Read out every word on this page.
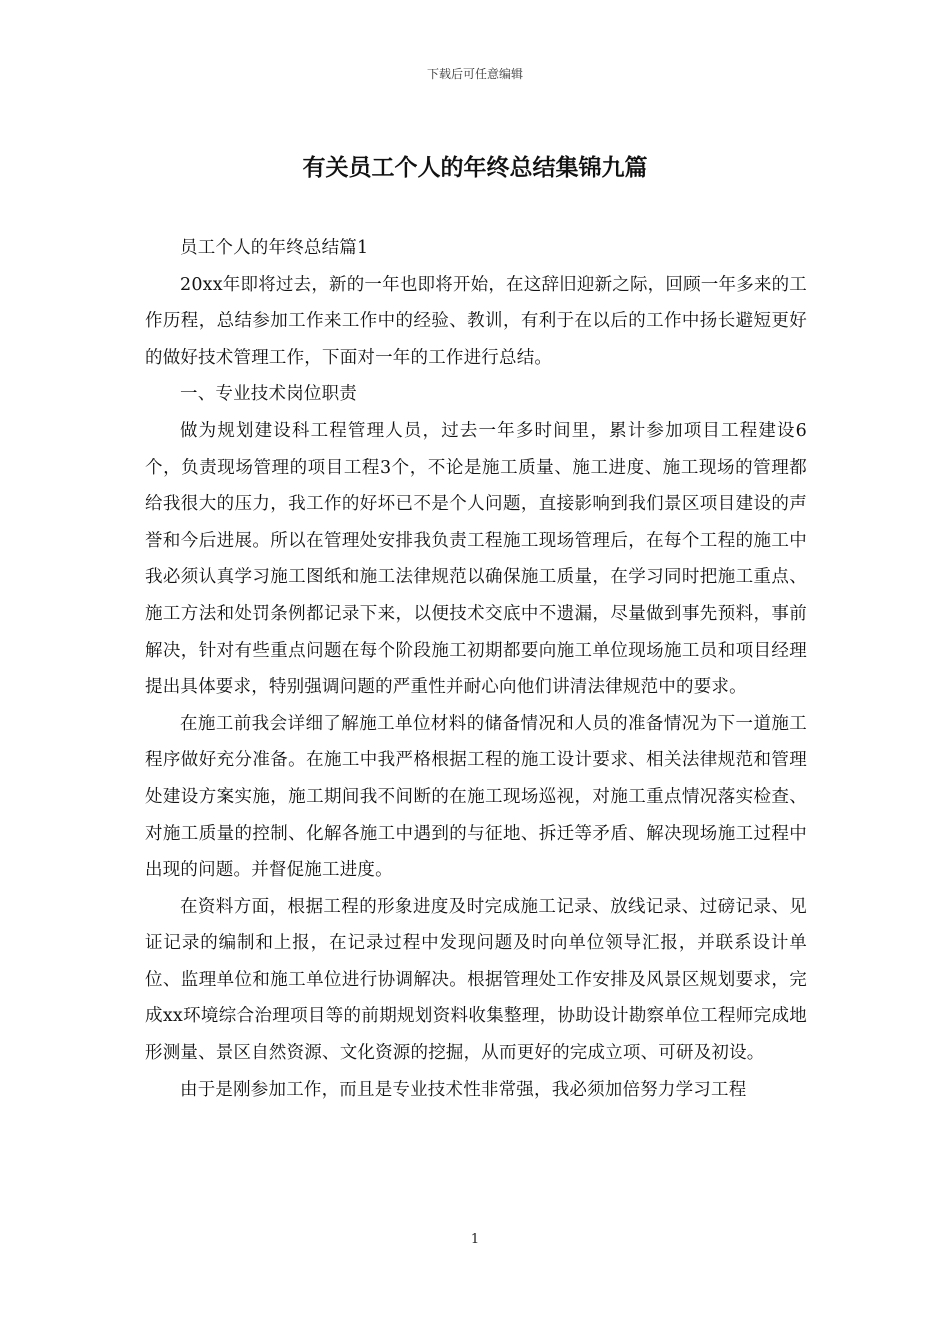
下载后可任意编辑
有关员工个人的年终总结集锦九篇

员工个人的年终总结篇1

20xx年即将过去，新的一年也即将开始，在这辞旧迎新之际，回顾一年多来的工作历程，总结参加工作来工作中的经验、教训，有利于在以后的工作中扬长避短更好的做好技术管理工作，下面对一年的工作进行总结。

一、专业技术岗位职责

做为规划建设科工程管理人员，过去一年多时间里，累计参加项目工程建设6个，负责现场管理的项目工程3个，不论是施工质量、施工进度、施工现场的管理都给我很大的压力，我工作的好坏已不是个人问题，直接影响到我们景区项目建设的声誉和今后进展。所以在管理处安排我负责工程施工现场管理后，在每个工程的施工中我必须认真学习施工图纸和施工法律规范以确保施工质量，在学习同时把施工重点、施工方法和处罚条例都记录下来，以便技术交底中不遗漏，尽量做到事先预料，事前解决，针对有些重点问题在每个阶段施工初期都要向施工单位现场施工员和项目经理提出具体要求，特别强调问题的严重性并耐心向他们讲清法律规范中的要求。

在施工前我会详细了解施工单位材料的储备情况和人员的准备情况为下一道施工程序做好充分准备。在施工中我严格根据工程的施工设计要求、相关法律规范和管理处建设方案实施，施工期间我不间断的在施工现场巡视，对施工重点情况落实检查、对施工质量的控制、化解各施工中遇到的与征地、拆迁等矛盾、解决现场施工过程中出现的问题。并督促施工进度。

在资料方面，根据工程的形象进度及时完成施工记录、放线记录、过磅记录、见证记录的编制和上报，在记录过程中发现问题及时向单位领导汇报，并联系设计单位、监理单位和施工单位进行协调解决。根据管理处工作安排及风景区规划要求，完成xx环境综合治理项目等的前期规划资料收集整理，协助设计勘察单位工程师完成地形测量、景区自然资源、文化资源的挖掘，从而更好的完成立项、可研及初设。

由于是刚参加工作，而且是专业技术性非常强，我必须加倍努力学习工程

1
